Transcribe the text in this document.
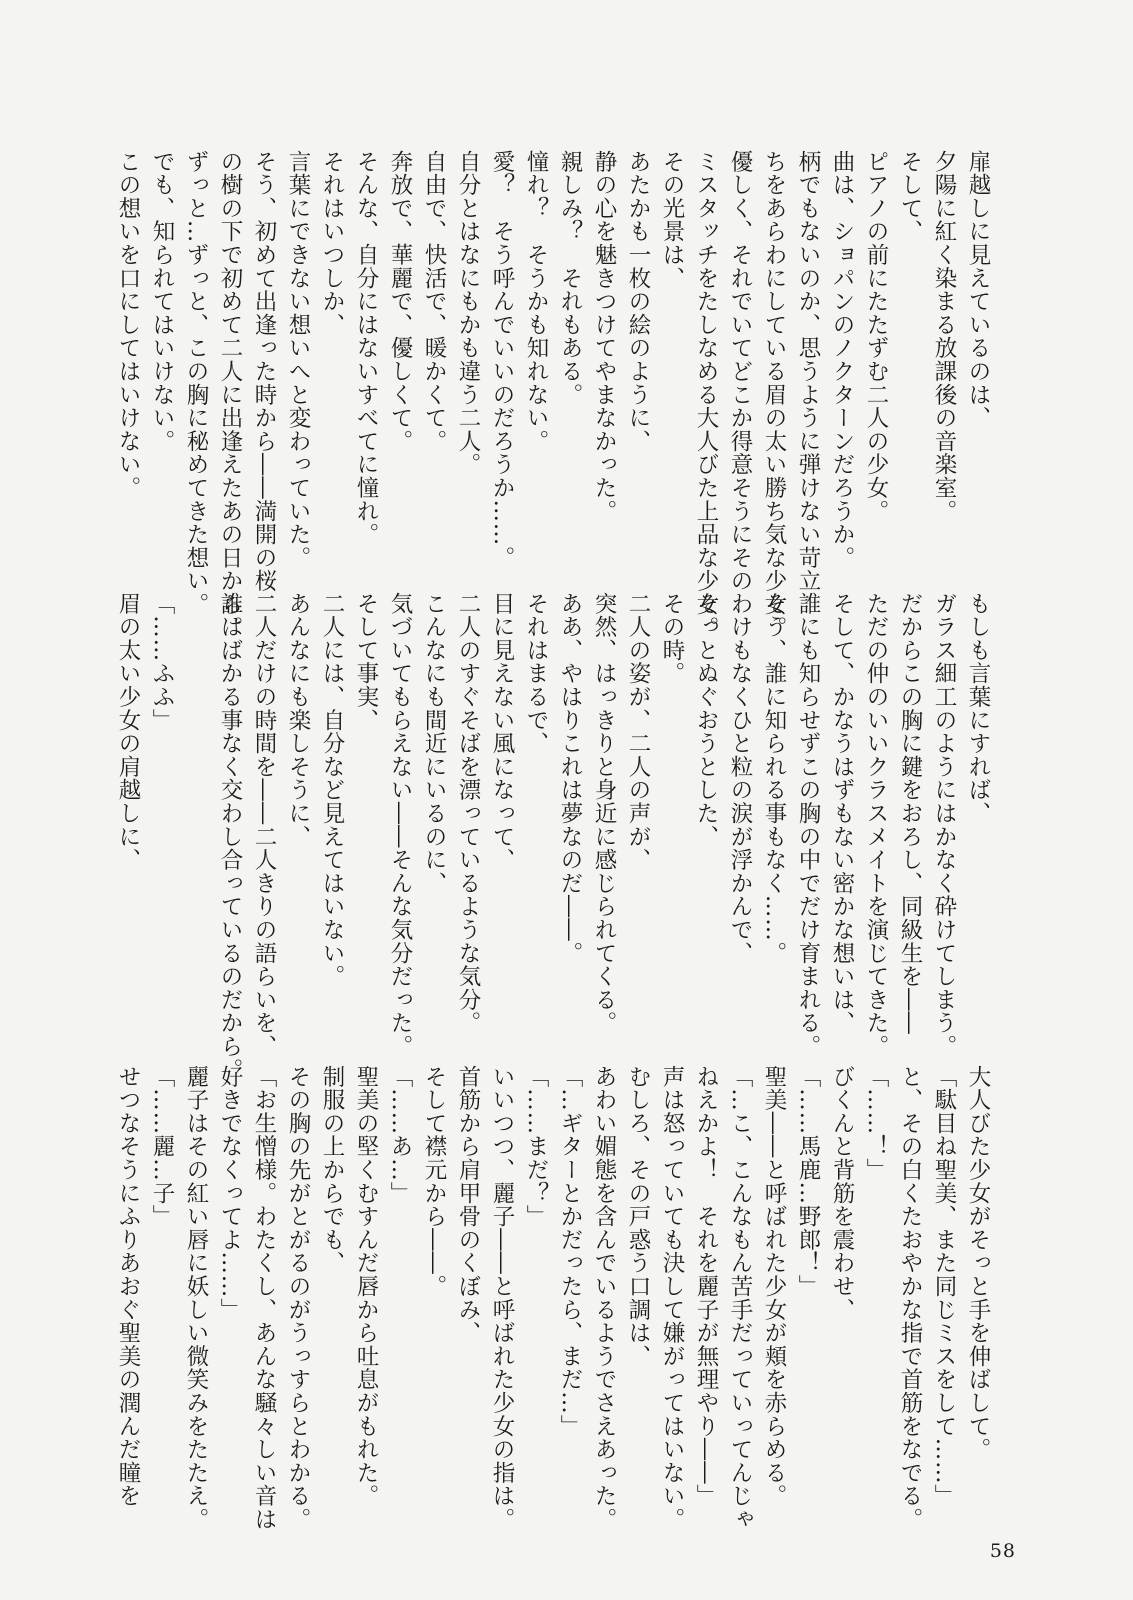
扉越しに見えているのは、
夕陽に紅く染まる放課後の音楽室。
そして、
ピアノの前にたたずむ二人の少女。
曲は、ショパンのノクターンだろうか。
柄でもないのか、思うように弾けない苛立
ちをあらわにしている眉の太い勝ち気な少女。
優しく、それでいてどこか得意そうにその
ミスタッチをたしなめる大人びた上品な少女。
その光景は、
あたかも一枚の絵のように、
静の心を魅きつけてやまなかった。
親しみ？　それもある。
憧れ？　そうかも知れない。
愛？　そう呼んでいいのだろうか……。
自分とはなにもかも違う二人。
自由で、快活で、暖かくて。
奔放で、華麗で、優しくて。
そんな、自分にはないすべてに憧れ。
それはいつしか、
言葉にできない想いへと変わっていた。
そう、初めて出逢った時から――満開の桜
の樹の下で初めて二人に出逢えたあの日から。
ずっと…ずっと、この胸に秘めてきた想い。
でも、知られてはいけない。
この想いを口にしてはいけない。
もしも言葉にすれば、
ガラス細工のようにはかなく砕けてしまう。
だからこの胸に鍵をおろし、同級生を――
ただの仲のいいクラスメイトを演じてきた。
そして、かなうはずもない密かな想いは、
誰にも知らせずこの胸の中でだけ育まれる。
そう、誰に知られる事もなく……。
わけもなくひと粒の涙が浮かんで、
そっとぬぐおうとした、
その時。
二人の姿が、二人の声が、
突然、はっきりと身近に感じられてくる。
ああ、やはりこれは夢なのだ――。
それはまるで、
目に見えない風になって、
二人のすぐそばを漂っているような気分。
こんなにも間近にいるのに、
気づいてもらえない――そんな気分だった。
そして事実、
二人には、自分など見えてはいない。
あんなにも楽しそうに、
二人だけの時間を――二人きりの語らいを、
誰はばかる事なく交わし合っているのだから。
「……ふふ」
眉の太い少女の肩越しに、
大人びた少女がそっと手を伸ばして。
「駄目ね聖美、また同じミスをして……」
と、その白くたおやかな指で首筋をなでる。
「……！」
びくんと背筋を震わせ、
「……馬鹿…野郎！」
聖美――と呼ばれた少女が頬を赤らめる。
「…こ、こんなもん苦手だっていってんじゃ
ねえかよ！　それを麗子が無理やり――」
声は怒っていても決して嫌がってはいない。
むしろ、その戸惑う口調は、
あわい媚態を含んでいるようでさえあった。
「…ギターとかだったら、まだ…」
「……まだ？」
いいつつ、麗子――と呼ばれた少女の指は。
首筋から肩甲骨のくぼみ、
そして襟元から――。
「……あ…」
聖美の堅くむすんだ唇から吐息がもれた。
制服の上からでも、
その胸の先がとがるのがうっすらとわかる。
「お生憎様。わたくし、あんな騒々しい音は
好きでなくってよ……」
麗子はその紅い唇に妖しい微笑みをたたえ。
「……麗…子」
せつなそうにふりあおぐ聖美の潤んだ瞳を
58
